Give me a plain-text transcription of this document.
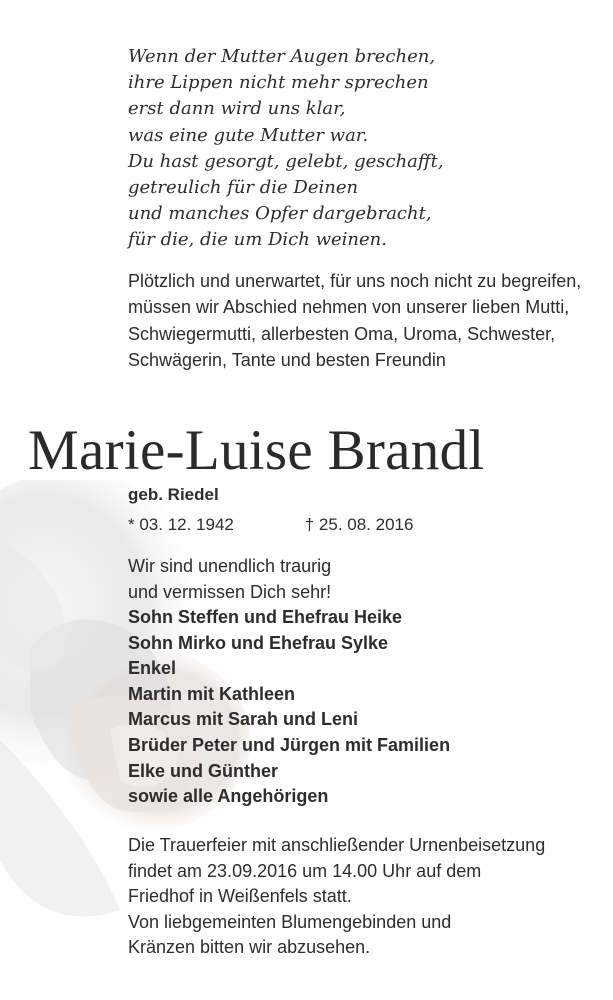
Wenn der Mutter Augen brechen,
ihre Lippen nicht mehr sprechen
erst dann wird uns klar,
was eine gute Mutter war.
Du hast gesorgt, gelebt, geschafft,
getreulich für die Deinen
und manches Opfer dargebracht,
für die, die um Dich weinen.
Plötzlich und unerwartet, für uns noch nicht zu begreifen, müssen wir Abschied nehmen von unserer lieben Mutti, Schwiegermutti, allerbesten Oma, Uroma, Schwester, Schwägerin, Tante und besten Freundin
Marie-Luise Brandl
geb. Riedel
* 03. 12. 1942	† 25. 08. 2016
Wir sind unendlich traurig
und vermissen Dich sehr!
Sohn Steffen und Ehefrau Heike
Sohn Mirko und Ehefrau Sylke
Enkel
Martin mit Kathleen
Marcus mit Sarah und Leni
Brüder Peter und Jürgen mit Familien
Elke und Günther
sowie alle Angehörigen
Die Trauerfeier mit anschließender Urnenbeisetzung
findet am 23.09.2016 um 14.00 Uhr auf dem
Friedhof in Weißenfels statt.
Von liebgemeinten Blumengebinden und
Kränzen bitten wir abzusehen.
